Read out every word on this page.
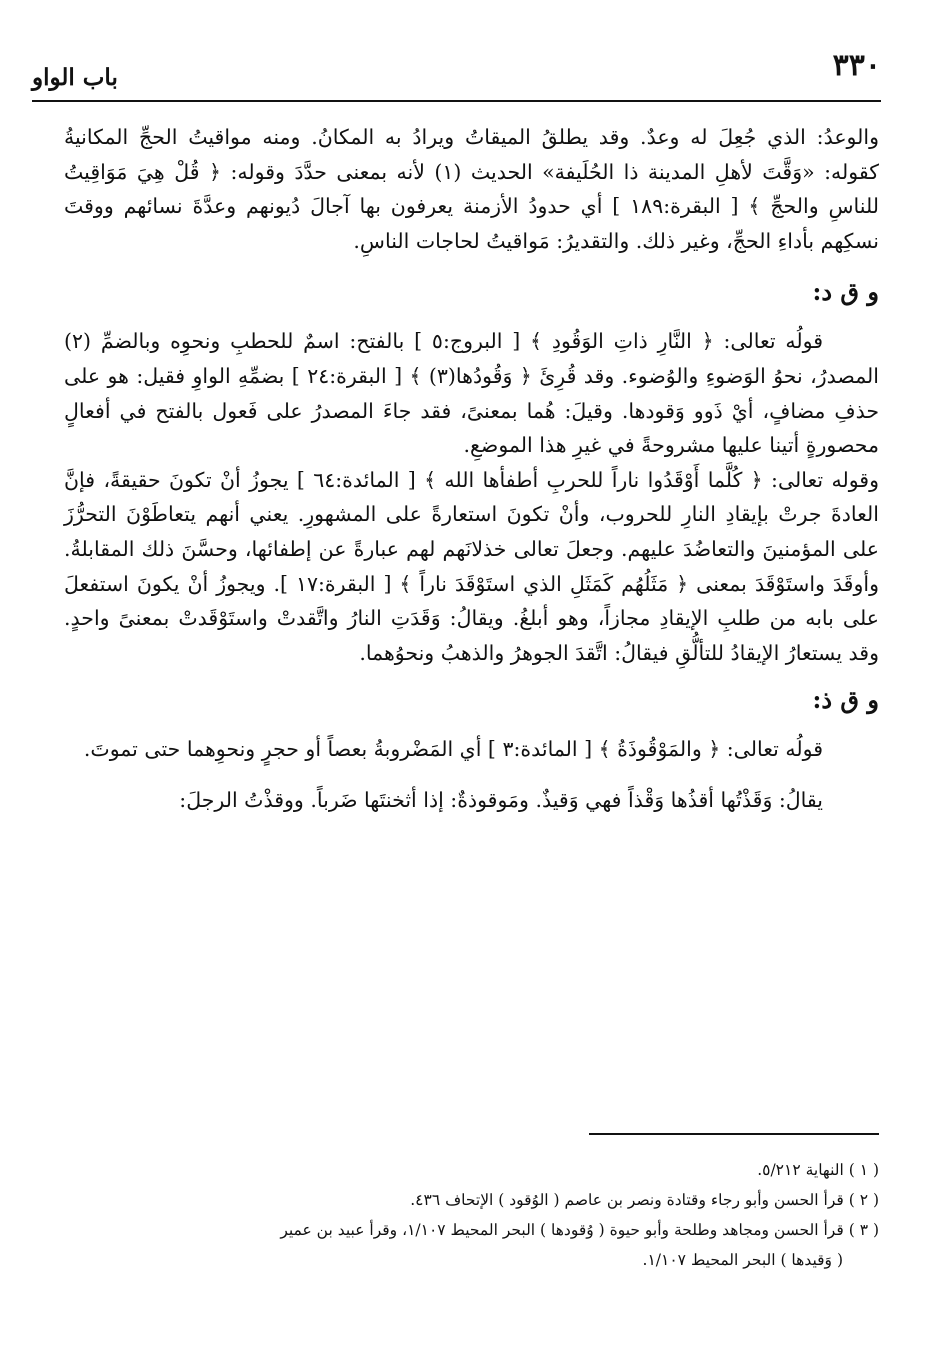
باب الواو	٣٣٠

والوعدُ: الذي جُعِلَ له وعدٌ. وقد يطلقُ الميقاتُ ويرادُ به المكانُ. ومنه مواقيتُ الحجِّ المكانيةُ كقوله: «وَقَّتَ لأهلِ المدينة ذا الحُلَيفة» الحديث (١) لأنه بمعنى حدَّدَ وقوله: ﴿ قُلْ هِيَ مَوَاقِيتُ للناسِ والحجِّ ﴾ [ البقرة:١٨٩ ] أي حدودُ الأزمنة يعرفون بها آجالَ دُيونهم وعدَّةَ نسائهم ووقتَ نسكِهم بأداءِ الحجِّ، وغير ذلك. والتقديرُ: مَواقيتُ لحاجات الناسِ.

و ق د:

قولُه تعالى: ﴿ النَّارِ ذاتِ الوَقُودِ ﴾ [ البروج:٥ ] بالفتح: اسمٌ للحطبِ ونحوِه وبالضمِّ (٢) المصدرُ، نحوُ الوَضوءِ والوُضوء. وقد قُرِئَ ﴿ وَقُودُها(٣) ﴾ [ البقرة:٢٤ ] بضمِّهِ الواوِ فقيل: هو على حذفِ مضافٍ، أيْ ذَوو وَقودها. وقيلَ: هُما بمعنىً، فقد جاءَ المصدرُ على فَعول بالفتح في أفعالٍ محصورةٍ أتينا عليها مشروحةً في غيرِ هذا الموضعِ.

وقوله تعالى: ﴿ كُلَّما أَوْقَدُوا ناراً للحربِ أطفأها الله ﴾ [ المائدة:٦٤ ] يجوزُ أنْ تكونَ حقيقةً، فإنَّ العادةَ جرتْ بإيقادِ النارِ للحروب، وأنْ تكونَ استعارةً على المشهورِ. يعني أنهم يتعاطَوْنَ التحرُّزَ على المؤمنينَ والتعاضُدَ عليهم. وجعلَ تعالى خذلانَهم لهم عبارةً عن إطفائها، وحسَّنَ ذلك المقابلةُ. وأوقَدَ واستَوْقَدَ بمعنى ﴿ مَثَلُهُم كَمَثَلِ الذي استَوْقَدَ ناراً ﴾ [ البقرة:١٧ ]. ويجوزُ أنْ يكونَ استفعلَ على بابه من طلبِ الإيقادِ مجازاً، وهو أبلغُ. ويقالُ: وَقَدَتِ النارُ واتَّقدتْ واستَوْقَدتْ بمعنىً واحدٍ. وقد يستعارُ الإيقادُ للتألُّقِ فيقالُ: اتَّقدَ الجوهرُ والذهبُ ونحوُهما.

و ق ذ:

قولُه تعالى: ﴿ والمَوْقُوذَةُ ﴾ [ المائدة:٣ ] أي المَضْروبةُ بعصاً أو حجرٍ ونحوِهما حتى تموتَ.

يقالُ: وَقَذْتُها أقذُها وَقْذاً فهي وَقيذٌ. ومَوقوذةٌ: إذا أثخنتَها ضَرباً. ووقذْتُ الرجلَ:

( ١ ) النهاية ٥/٢١٢.

( ٢ ) قرأ الحسن وأبو رجاء وقتادة ونصر بن عاصم ( الوُقود ) الإتحاف ٤٣٦.

( ٣ ) قرأ الحسن ومجاهد وطلحة وأبو حيوة ( وُقودها ) البحر المحيط ١/١٠٧، وقرأ عبيد بن عمير

( وَقيدها ) البحر المحيط ١/١٠٧.
